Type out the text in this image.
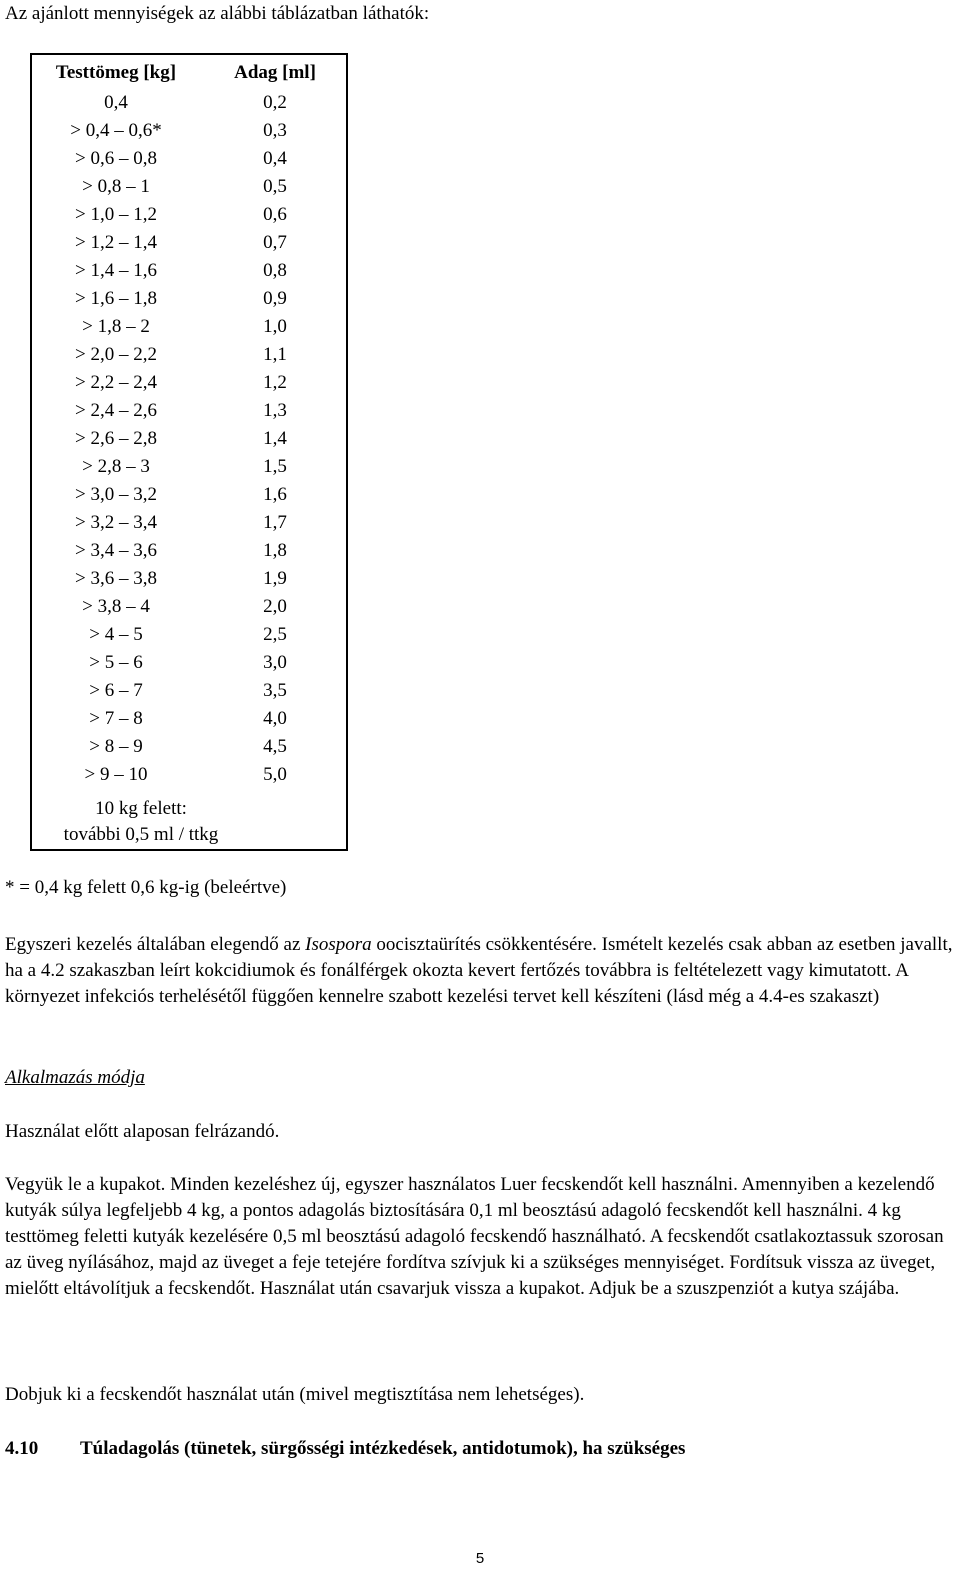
Az ajánlott mennyiségek az alábbi táblázatban láthatók:
Testtömeg [kg]	Adag [ml]
0,4	0,2
> 0,4 – 0,6*	0,3
> 0,6 – 0,8	0,4
> 0,8 – 1	0,5
> 1,0 – 1,2	0,6
> 1,2 – 1,4	0,7
> 1,4 – 1,6	0,8
> 1,6 – 1,8	0,9
> 1,8 – 2	1,0
> 2,0 – 2,2	1,1
> 2,2 – 2,4	1,2
> 2,4 – 2,6	1,3
> 2,6 – 2,8	1,4
> 2,8 – 3	1,5
> 3,0 – 3,2	1,6
> 3,2 – 3,4	1,7
> 3,4 – 3,6	1,8
> 3,6 – 3,8	1,9
> 3,8 – 4	2,0
> 4 – 5	2,5
> 5 – 6	3,0
> 6 – 7	3,5
> 7 – 8	4,0
> 8 – 9	4,5
> 9 – 10	5,0
10 kg felett:
további 0,5 ml / ttkg
* = 0,4 kg felett 0,6 kg-ig (beleértve)
Egyszeri kezelés általában elegendő az Isospora oocisztaürítés csökkentésére. Ismételt kezelés csak abban az esetben javallt, ha a 4.2 szakaszban leírt kokcidiumok és fonálférgek okozta kevert fertőzés továbbra is feltételezett vagy kimutatott. A környezet infekciós terhelésétől függően kennelre szabott kezelési tervet kell készíteni (lásd még a 4.4-es szakaszt)
Alkalmazás módja
Használat előtt alaposan felrázandó.
Vegyük le a kupakot. Minden kezeléshez új, egyszer használatos Luer fecskendőt kell használni. Amennyiben a kezelendő kutyák súlya legfeljebb 4 kg, a pontos adagolás biztosítására 0,1 ml beosztású adagoló fecskendőt kell használni. 4 kg testtömeg feletti kutyák kezelésére 0,5 ml beosztású adagoló fecskendő használható. A fecskendőt csatlakoztassuk szorosan az üveg nyílásához, majd az üveget a feje tetejére fordítva szívjuk ki a szükséges mennyiséget. Fordítsuk vissza az üveget, mielőtt eltávolítjuk a fecskendőt. Használat után csavarjuk vissza a kupakot. Adjuk be a szuszpenziót a kutya szájába.
Dobjuk ki a fecskendőt használat után (mivel megtisztítása nem lehetséges).
4.10 Túladagolás (tünetek, sürgősségi intézkedések, antidotumok), ha szükséges
5
